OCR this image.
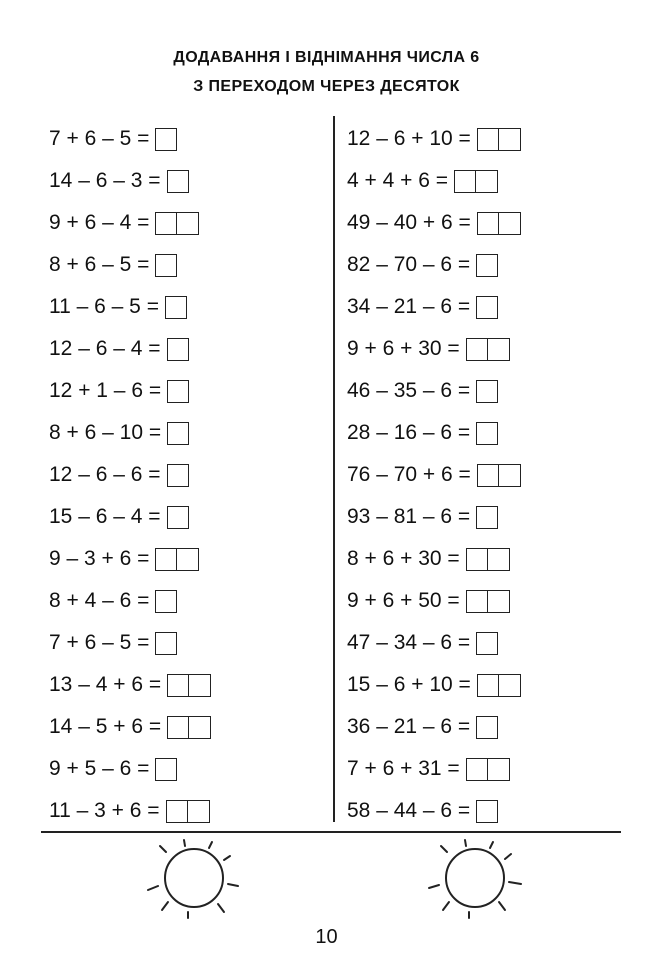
ДОДАВАННЯ І ВІДНІМАННЯ ЧИСЛА 6
З ПЕРЕХОДОМ ЧЕРЕЗ ДЕСЯТОК
7 + 6 – 5 =
14 – 6 – 3 =
9 + 6 – 4 =
8 + 6 – 5 =
11 – 6 – 5 =
12 – 6 – 4 =
12 + 1 – 6 =
8 + 6 – 10 =
12 – 6 – 6 =
15 – 6 – 4 =
9 – 3 + 6 =
8 + 4 – 6 =
7 + 6 – 5 =
13 – 4 + 6 =
14 – 5 + 6 =
9 + 5 – 6 =
11 – 3 + 6 =
12 – 6 + 10 =
4 + 4 + 6 =
49 – 40 + 6 =
82 – 70 – 6 =
34 – 21 – 6 =
9 + 6 + 30 =
46 – 35 – 6 =
28 – 16 – 6 =
76 – 70 + 6 =
93 – 81 – 6 =
8 + 6 + 30 =
9 + 6 + 50 =
47 – 34 – 6 =
15 – 6 + 10 =
36 – 21 – 6 =
7 + 6 + 31 =
58 – 44 – 6 =
10
